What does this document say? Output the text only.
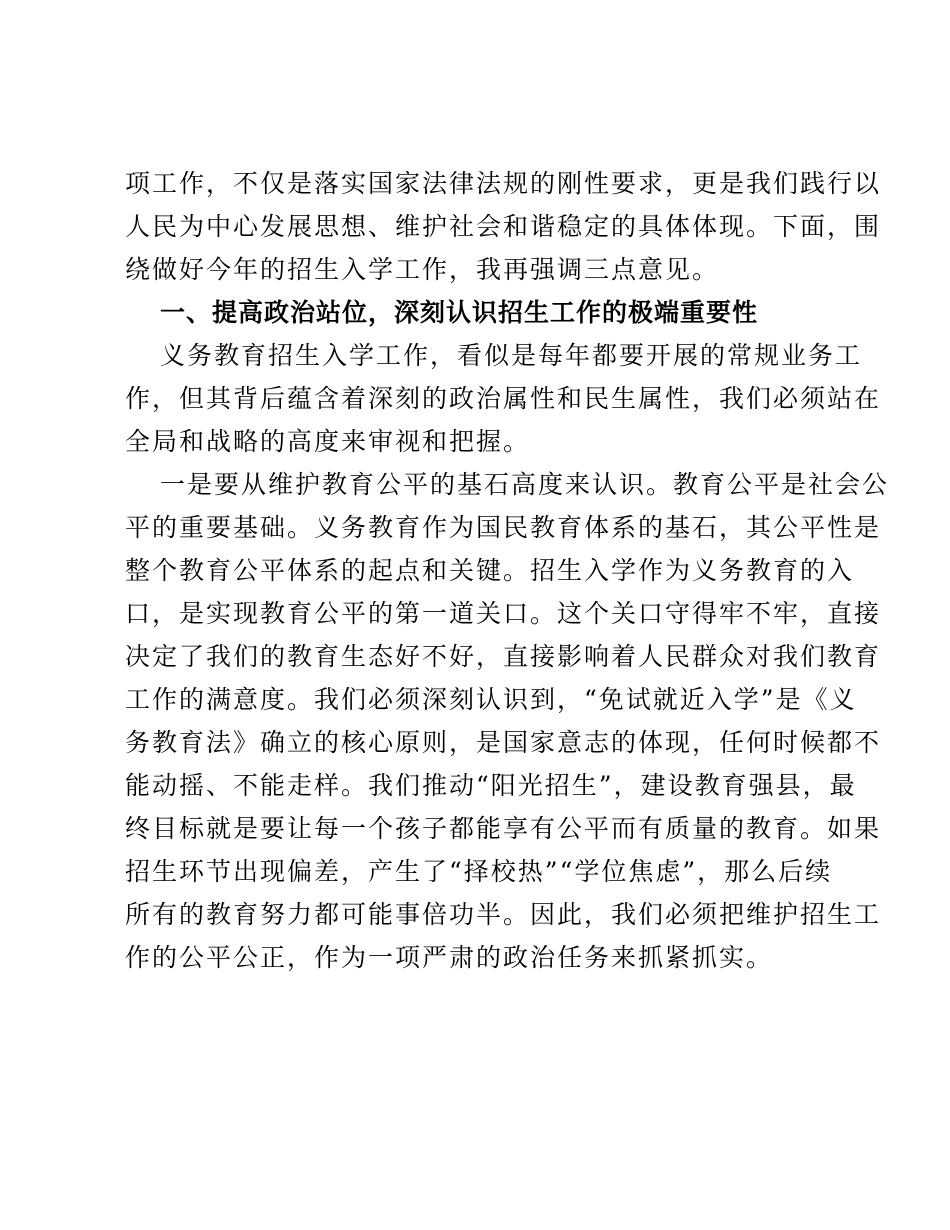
项工作，不仅是落实国家法律法规的刚性要求，更是我们践行以
人民为中心发展思想、维护社会和谐稳定的具体体现。下面，围
绕做好今年的招生入学工作，我再强调三点意见。
一、提高政治站位，深刻认识招生工作的极端重要性
义务教育招生入学工作，看似是每年都要开展的常规业务工
作，但其背后蕴含着深刻的政治属性和民生属性，我们必须站在
全局和战略的高度来审视和把握。
一是要从维护教育公平的基石高度来认识。教育公平是社会公
平的重要基础。义务教育作为国民教育体系的基石，其公平性是
整个教育公平体系的起点和关键。招生入学作为义务教育的入
口，是实现教育公平的第一道关口。这个关口守得牢不牢，直接
决定了我们的教育生态好不好，直接影响着人民群众对我们教育
工作的满意度。我们必须深刻认识到，“免试就近入学”是《义
务教育法》确立的核心原则，是国家意志的体现，任何时候都不
能动摇、不能走样。我们推动“阳光招生”，建设教育强县，最
终目标就是要让每一个孩子都能享有公平而有质量的教育。如果
招生环节出现偏差，产生了“择校热”“学位焦虑”，那么后续
所有的教育努力都可能事倍功半。因此，我们必须把维护招生工
作的公平公正，作为一项严肃的政治任务来抓紧抓实。
